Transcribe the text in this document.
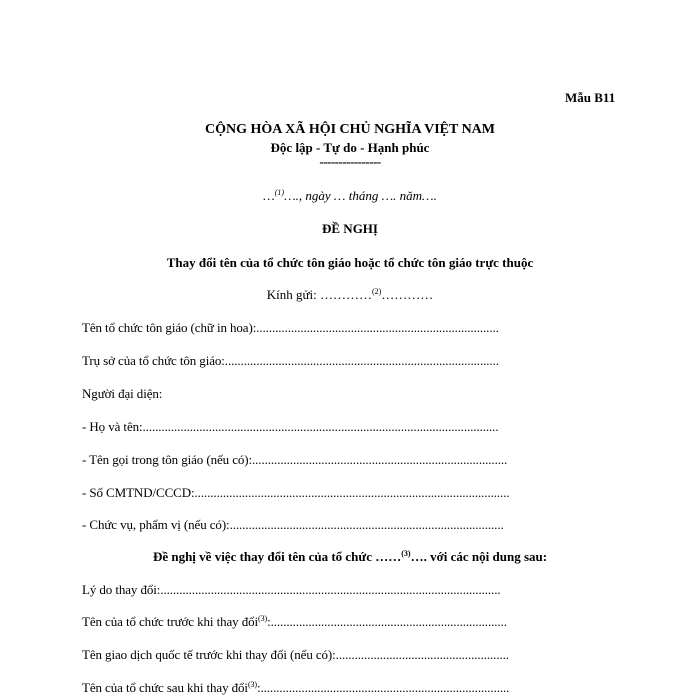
Mẫu B11
CỘNG HÒA XÃ HỘI CHỦ NGHĨA VIỆT NAM
Độc lập - Tự do - Hạnh phúc
----------------
…$^{(1)}$…., ngày … tháng …. năm….
ĐỀ NGHỊ
Thay đổi tên của tổ chức tôn giáo hoặc tổ chức tôn giáo trực thuộc
Kính gửi: …………$^{(2)}$…………
Tên tổ chức tôn giáo (chữ in hoa):.............................................................................
Trụ sở của tổ chức tôn giáo:.......................................................................................
Người đại diện:
- Họ và tên:.................................................................................................................
- Tên gọi trong tôn giáo (nếu có):.................................................................................
- Số CMTND/CCCD:....................................................................................................
- Chức vụ, phẩm vị (nếu có):.......................................................................................
Đề nghị về việc thay đổi tên của tổ chức ……$^{(3)}$…. với các nội dung sau:
Lý do thay đổi:............................................................................................................
Tên của tổ chức trước khi thay đổi$^{(3)}$:...........................................................................
Tên giao dịch quốc tế trước khi thay đổi (nếu có):.......................................................
Tên của tổ chức sau khi thay đổi$^{(3)}$:...............................................................................
